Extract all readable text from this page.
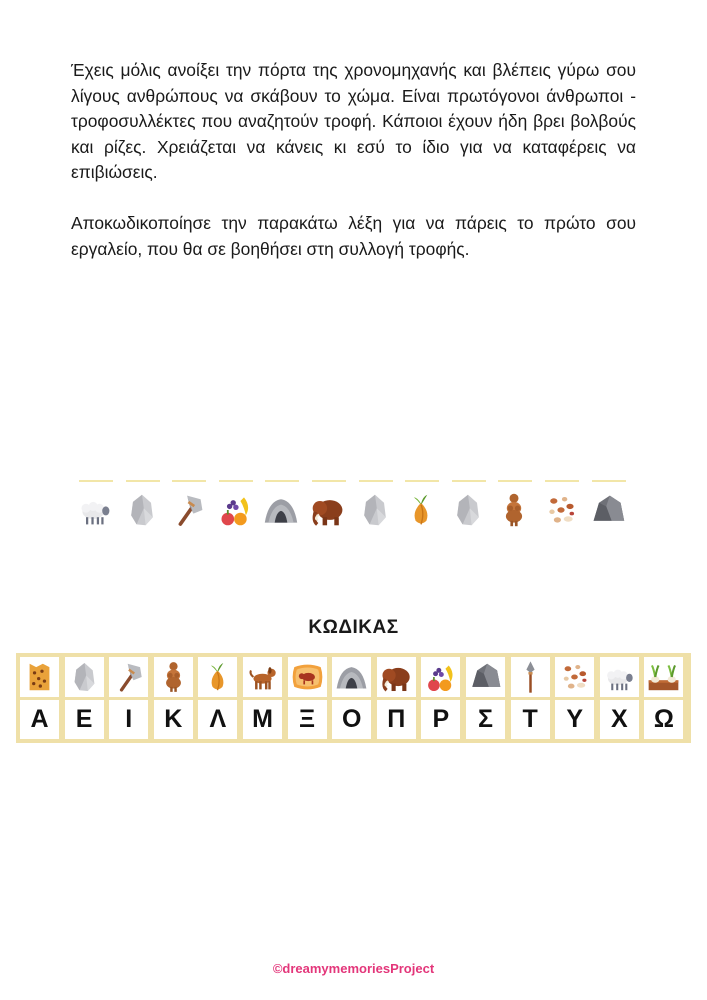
Έχεις μόλις ανοίξει την πόρτα της χρονομηχανής και βλέπεις γύρω σου λίγους ανθρώπους να σκάβουν το χώμα. Είναι πρωτόγονοι άνθρωποι - τροφοσυλλέκτες που αναζητούν τροφή. Κάποιοι έχουν ήδη βρει βολβούς και ρίζες. Χρειάζεται να κάνεις κι εσύ το ίδιο για να καταφέρεις να επιβιώσεις.

Αποκωδικοποίησε την παρακάτω λέξη για να πάρεις το πρώτο σου εργαλείο, που θα σε βοηθήσει στη συλλογή τροφής.

ΚΩΔΙΚΑΣ
Α	Ε	Ι	Κ	Λ	Μ	Ξ	Ο	Π	Ρ	Σ	Τ	Υ	Χ	Ω
©dreamymemoriesProject
